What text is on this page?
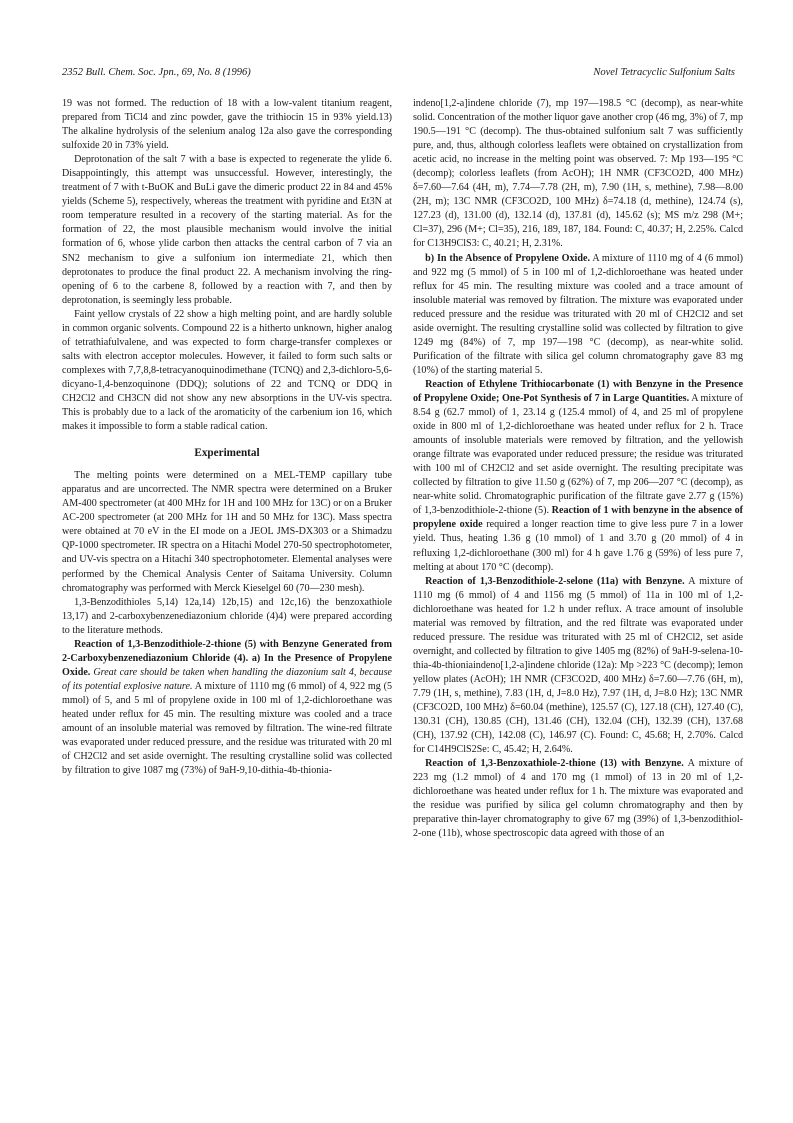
2352 Bull. Chem. Soc. Jpn., 69, No. 8 (1996)	Novel Tetracyclic Sulfonium Salts

19 was not formed. The reduction of 18 with a low-valent titanium reagent, prepared from TiCl4 and zinc powder, gave the trithiocin 15 in 93% yield.13) The alkaline hydrolysis of the selenium analog 12a also gave the corresponding sulfoxide 20 in 73% yield.

Deprotonation of the salt 7 with a base is expected to regenerate the ylide 6. Disappointingly, this attempt was unsuccessful. However, interestingly, the treatment of 7 with t-BuOK and BuLi gave the dimeric product 22 in 84 and 45% yields (Scheme 5), respectively, whereas the treatment with pyridine and Et3N at room temperature resulted in a recovery of the starting material. As for the formation of 22, the most plausible mechanism would involve the initial formation of 6, whose ylide carbon then attacks the central carbon of 7 via an SN2 mechanism to give a sulfonium ion intermediate 21, which then deprotonates to produce the final product 22. A mechanism involving the ring-opening of 6 to the carbene 8, followed by a reaction with 7, and then by deprotonation, is seemingly less probable.

Faint yellow crystals of 22 show a high melting point, and are hardly soluble in common organic solvents. Compound 22 is a hitherto unknown, higher analog of tetrathiafulvalene, and was expected to form charge-transfer complexes or salts with electron acceptor molecules. However, it failed to form such salts or complexes with 7,7,8,8-tetracyanoquinodimethane (TCNQ) and 2,3-dichloro-5,6-dicyano-1,4-benzoquinone (DDQ); solutions of 22 and TCNQ or DDQ in CH2Cl2 and CH3CN did not show any new absorptions in the UV-vis spectra. This is probably due to a lack of the aromaticity of the carbenium ion 16, which makes it impossible to form a stable radical cation.

Experimental

The melting points were determined on a MEL-TEMP capillary tube apparatus and are uncorrected. The NMR spectra were determined on a Bruker AM-400 spectrometer (at 400 MHz for 1H and 100 MHz for 13C) or on a Bruker AC-200 spectrometer (at 200 MHz for 1H and 50 MHz for 13C). Mass spectra were obtained at 70 eV in the EI mode on a JEOL JMS-DX303 or a Shimadzu QP-1000 spectrometer. IR spectra on a Hitachi Model 270-50 spectrophotometer, and UV-vis spectra on a Hitachi 340 spectrophotometer. Elemental analyses were performed by the Chemical Analysis Center of Saitama University. Column chromatography was performed with Merck Kieselgel 60 (70—230 mesh).

1,3-Benzodithioles 5,14) 12a,14) 12b,15) and 12c,16) the benzoxathiole 13,17) and 2-carboxybenzenediazonium chloride (4)4) were prepared according to the literature methods.

Reaction of 1,3-Benzodithiole-2-thione (5) with Benzyne Generated from 2-Carboxybenzenediazonium Chloride (4). a) In the Presence of Propylene Oxide. Great care should be taken when handling the diazonium salt 4, because of its potential explosive nature. A mixture of 1110 mg (6 mmol) of 4, 922 mg (5 mmol) of 5, and 5 ml of propylene oxide in 100 ml of 1,2-dichloroethane was heated under reflux for 45 min. The resulting mixture was cooled and a trace amount of an insoluble material was removed by filtration. The wine-red filtrate was evaporated under reduced pressure, and the residue was triturated with 20 ml of CH2Cl2 and set aside overnight. The resulting crystalline solid was collected by filtration to give 1087 mg (73%) of 9aH-9,10-dithia-4b-thionia-

indeno[1,2-a]indene chloride (7), mp 197—198.5 °C (decomp), as near-white solid. Concentration of the mother liquor gave another crop (46 mg, 3%) of 7, mp 190.5—191 °C (decomp). The thus-obtained sulfonium salt 7 was sufficiently pure, and, thus, although colorless leaflets were obtained on crystallization from acetic acid, no increase in the melting point was observed. 7: Mp 193—195 °C (decomp); colorless leaflets (from AcOH); 1H NMR (CF3CO2D, 400 MHz) δ=7.60—7.64 (4H, m), 7.74—7.78 (2H, m), 7.90 (1H, s, methine), 7.98—8.00 (2H, m); 13C NMR (CF3CO2D, 100 MHz) δ=74.18 (d, methine), 124.74 (s), 127.23 (d), 131.00 (d), 132.14 (d), 137.81 (d), 145.62 (s); MS m/z 298 (M+; Cl=37), 296 (M+; Cl=35), 216, 189, 187, 184. Found: C, 40.37; H, 2.25%. Calcd for C13H9ClS3: C, 40.21; H, 2.31%.

b) In the Absence of Propylene Oxide. A mixture of 1110 mg of 4 (6 mmol) and 922 mg (5 mmol) of 5 in 100 ml of 1,2-dichloroethane was heated under reflux for 45 min. The resulting mixture was cooled and a trace amount of insoluble material was removed by filtration. The mixture was evaporated under reduced pressure and the residue was triturated with 20 ml of CH2Cl2 and set aside overnight. The resulting crystalline solid was collected by filtration to give 1249 mg (84%) of 7, mp 197—198 °C (decomp), as near-white solid. Purification of the filtrate with silica gel column chromatography gave 83 mg (10%) of the starting material 5.

Reaction of Ethylene Trithiocarbonate (1) with Benzyne in the Presence of Propylene Oxide; One-Pot Synthesis of 7 in Large Quantities. A mixture of 8.54 g (62.7 mmol) of 1, 23.14 g (125.4 mmol) of 4, and 25 ml of propylene oxide in 800 ml of 1,2-dichloroethane was heated under reflux for 2 h. Trace amounts of insoluble materials were removed by filtration, and the yellowish orange filtrate was evaporated under reduced pressure; the residue was triturated with 100 ml of CH2Cl2 and set aside overnight. The resulting precipitate was collected by filtration to give 11.50 g (62%) of 7, mp 206—207 °C (decomp), as near-white solid. Chromatographic purification of the filtrate gave 2.77 g (15%) of 1,3-benzodithiole-2-thione (5). Reaction of 1 with benzyne in the absence of propylene oxide required a longer reaction time to give less pure 7 in a lower yield. Thus, heating 1.36 g (10 mmol) of 1 and 3.70 g (20 mmol) of 4 in refluxing 1,2-dichloroethane (300 ml) for 4 h gave 1.76 g (59%) of less pure 7, melting at about 170 °C (decomp).

Reaction of 1,3-Benzodithiole-2-selone (11a) with Benzyne. A mixture of 1110 mg (6 mmol) of 4 and 1156 mg (5 mmol) of 11a in 100 ml of 1,2-dichloroethane was heated for 1.2 h under reflux. A trace amount of insoluble material was removed by filtration, and the red filtrate was evaporated under reduced pressure. The residue was triturated with 25 ml of CH2Cl2, set aside overnight, and collected by filtration to give 1405 mg (82%) of 9aH-9-selena-10-thia-4b-thioniaindeno[1,2-a]indene chloride (12a): Mp >223 °C (decomp); lemon yellow plates (AcOH); 1H NMR (CF3CO2D, 400 MHz) δ=7.60—7.76 (6H, m), 7.79 (1H, s, methine), 7.83 (1H, d, J=8.0 Hz), 7.97 (1H, d, J=8.0 Hz); 13C NMR (CF3CO2D, 100 MHz) δ=60.04 (methine), 125.57 (C), 127.18 (CH), 127.40 (C), 130.31 (CH), 130.85 (CH), 131.46 (CH), 132.04 (CH), 132.39 (CH), 137.68 (CH), 137.92 (CH), 142.08 (C), 146.97 (C). Found: C, 45.68; H, 2.70%. Calcd for C14H9ClS2Se: C, 45.42; H, 2.64%.

Reaction of 1,3-Benzoxathiole-2-thione (13) with Benzyne. A mixture of 223 mg (1.2 mmol) of 4 and 170 mg (1 mmol) of 13 in 20 ml of 1,2-dichloroethane was heated under reflux for 1 h. The mixture was evaporated and the residue was purified by silica gel column chromatography and then by preparative thin-layer chromatography to give 67 mg (39%) of 1,3-benzodithiol-2-one (11b), whose spectroscopic data agreed with those of an
